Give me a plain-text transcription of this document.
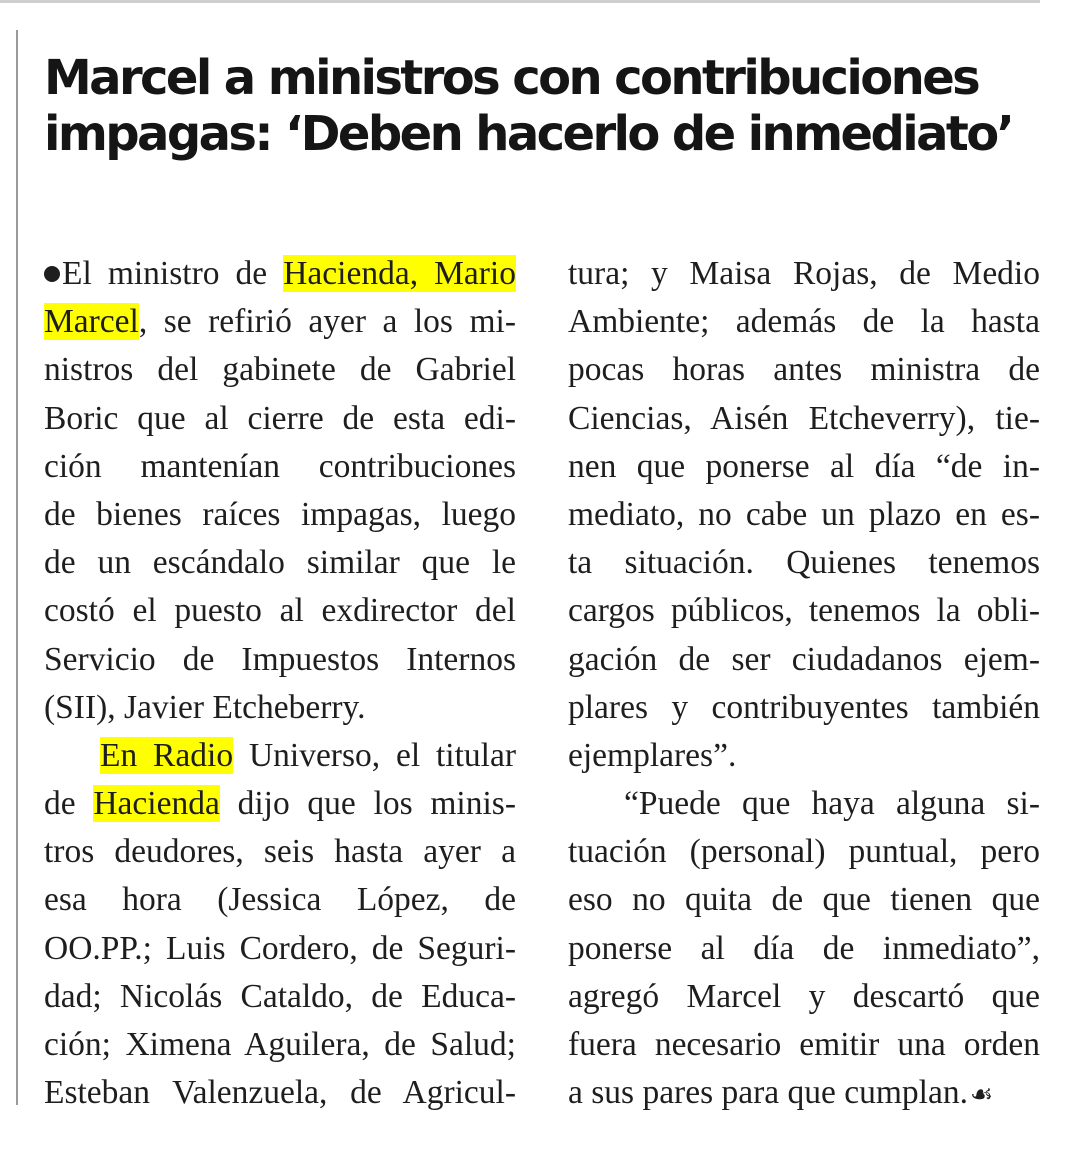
Marcel a ministros con contribuciones
impagas: ‘Deben hacerlo de inmediato’
El ministro de Hacienda, Mario
Marcel, se refirió ayer a los mi-
nistros del gabinete de Gabriel
Boric que al cierre de esta edi-
ción mantenían contribuciones
de bienes raíces impagas, luego
de un escándalo similar que le
costó el puesto al exdirector del
Servicio de Impuestos Internos
(SII), Javier Etcheberry.
En Radio Universo, el titular
de Hacienda dijo que los minis-
tros deudores, seis hasta ayer a
esa hora (Jessica López, de
OO.PP.; Luis Cordero, de Seguri-
dad; Nicolás Cataldo, de Educa-
ción; Ximena Aguilera, de Salud;
Esteban Valenzuela, de Agricul-
tura; y Maisa Rojas, de Medio
Ambiente; además de la hasta
pocas horas antes ministra de
Ciencias, Aisén Etcheverry), tie-
nen que ponerse al día “de in-
mediato, no cabe un plazo en es-
ta situación. Quienes tenemos
cargos públicos, tenemos la obli-
gación de ser ciudadanos ejem-
plares y contribuyentes también
ejemplares”.
“Puede que haya alguna si-
tuación (personal) puntual, pero
eso no quita de que tienen que
ponerse al día de inmediato”,
agregó Marcel y descartó que
fuera necesario emitir una orden
a sus pares para que cumplan.☙
